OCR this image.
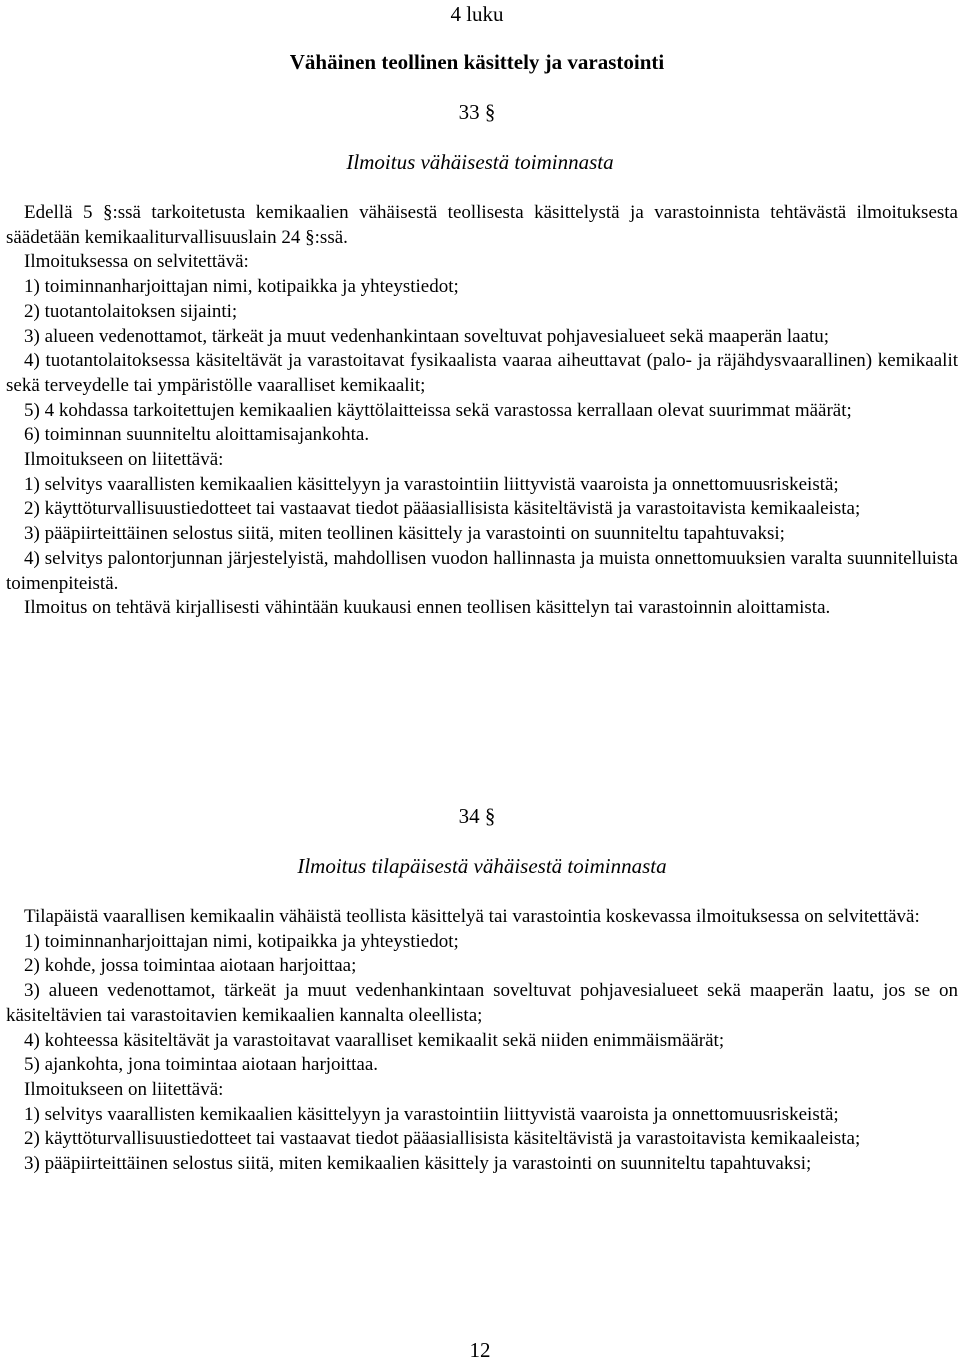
4 luku
Vähäinen teollinen käsittely ja varastointi
33 §
Ilmoitus vähäisestä toiminnasta

Edellä 5 §:ssä tarkoitetusta kemikaalien vähäisestä teollisesta käsittelystä ja varastoinnista tehtävästä ilmoituksesta säädetään kemikaaliturvallisuuslain 24 §:ssä.

Ilmoituksessa on selvitettävä:

1) toiminnanharjoittajan nimi, kotipaikka ja yhteystiedot;

2) tuotantolaitoksen sijainti;

3) alueen vedenottamot, tärkeät ja muut vedenhankintaan soveltuvat pohjavesialueet sekä maaperän laatu;

4) tuotantolaitoksessa käsiteltävät ja varastoitavat fysikaalista vaaraa aiheuttavat (palo- ja räjähdysvaarallinen) kemikaalit sekä terveydelle tai ympäristölle vaaralliset kemikaalit;

5) 4 kohdassa tarkoitettujen kemikaalien käyttölaitteissa sekä varastossa kerrallaan olevat suurimmat määrät;

6) toiminnan suunniteltu aloittamisajankohta.

Ilmoitukseen on liitettävä:

1) selvitys vaarallisten kemikaalien käsittelyyn ja varastointiin liittyvistä vaaroista ja onnettomuusriskeistä;

2) käyttöturvallisuustiedotteet tai vastaavat tiedot pääasiallisista käsiteltävistä ja varastoitavista kemikaaleista;

3) pääpiirteittäinen selostus siitä, miten teollinen käsittely ja varastointi on suunniteltu tapahtuvaksi;

4) selvitys palontorjunnan järjestelyistä, mahdollisen vuodon hallinnasta ja muista onnettomuuksien varalta suunnitelluista toimenpiteistä.

Ilmoitus on tehtävä kirjallisesti vähintään kuukausi ennen teollisen käsittelyn tai varastoinnin aloittamista.

34 §
Ilmoitus tilapäisestä vähäisestä toiminnasta

Tilapäistä vaarallisen kemikaalin vähäistä teollista käsittelyä tai varastointia koskevassa ilmoituksessa on selvitettävä:

1) toiminnanharjoittajan nimi, kotipaikka ja yhteystiedot;

2) kohde, jossa toimintaa aiotaan harjoittaa;

3) alueen vedenottamot, tärkeät ja muut vedenhankintaan soveltuvat pohjavesialueet sekä maaperän laatu, jos se on käsiteltävien tai varastoitavien kemikaalien kannalta oleellista;

4) kohteessa käsiteltävät ja varastoitavat vaaralliset kemikaalit sekä niiden enimmäismäärät;

5) ajankohta, jona toimintaa aiotaan harjoittaa.

Ilmoitukseen on liitettävä:

1) selvitys vaarallisten kemikaalien käsittelyyn ja varastointiin liittyvistä vaaroista ja onnettomuusriskeistä;

2) käyttöturvallisuustiedotteet tai vastaavat tiedot pääasiallisista käsiteltävistä ja varastoitavista kemikaaleista;

3) pääpiirteittäinen selostus siitä, miten kemikaalien käsittely ja varastointi on suunniteltu tapahtuvaksi;

12
